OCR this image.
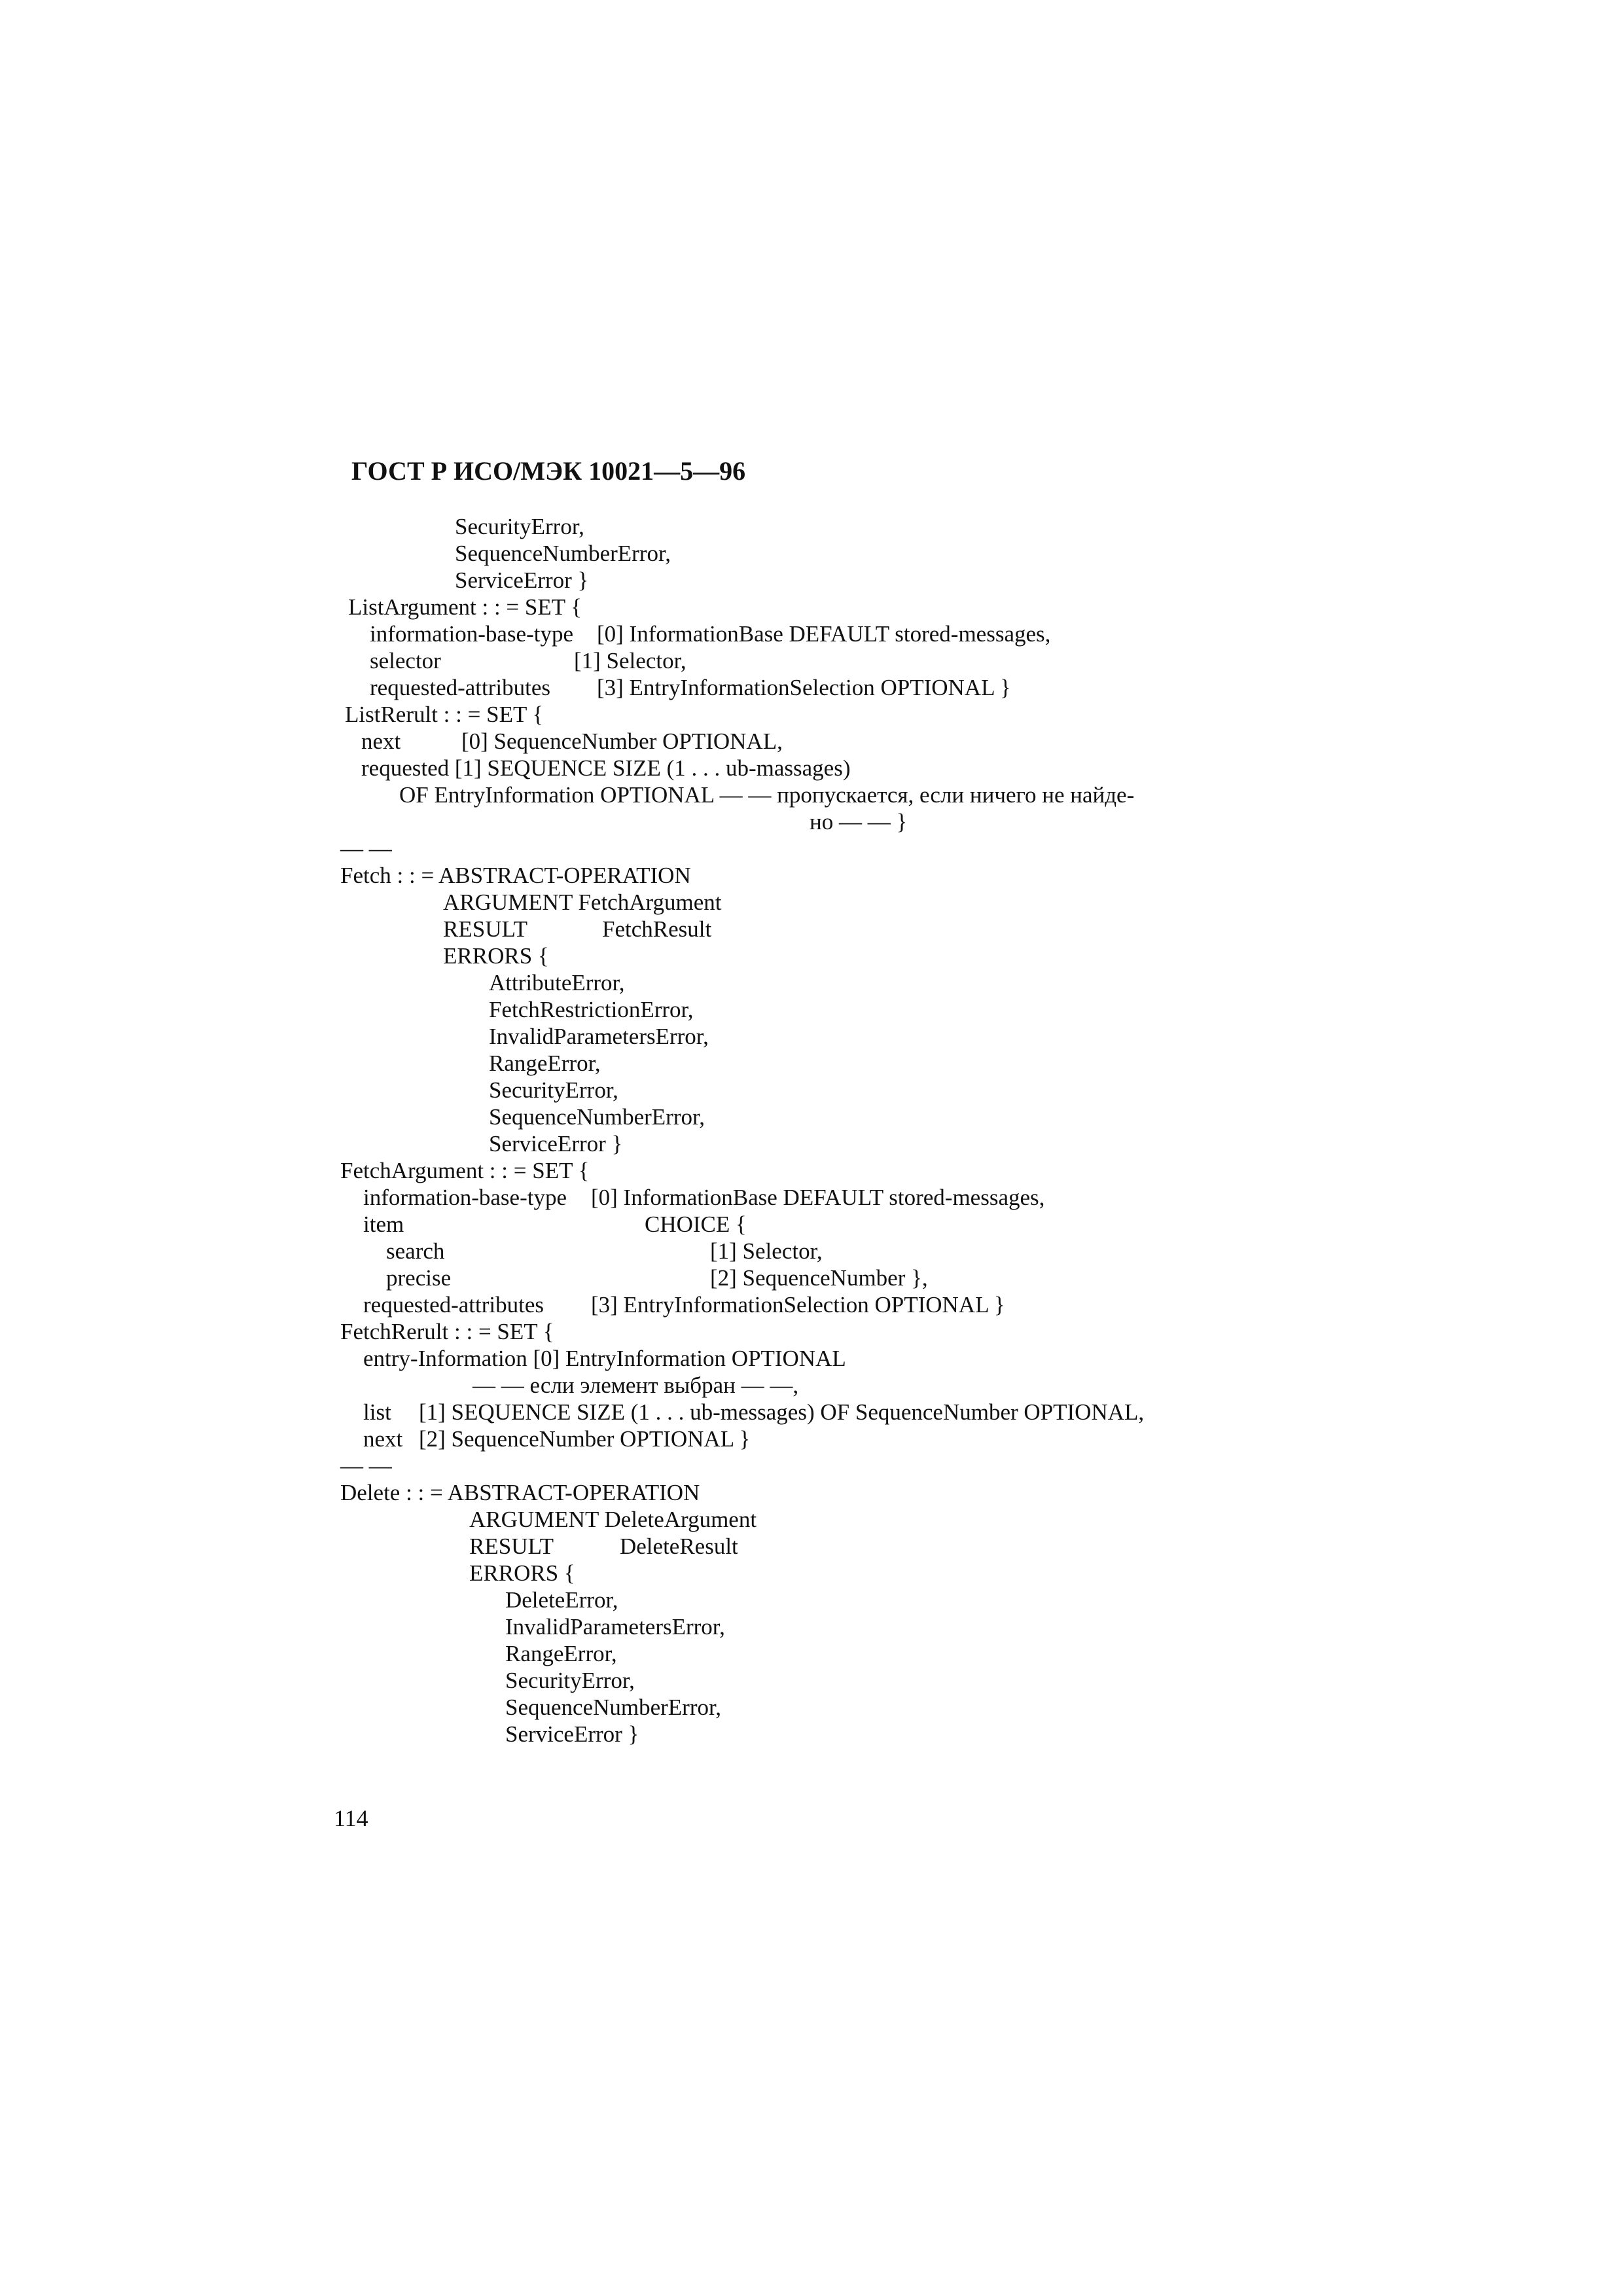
ГОСТ Р ИСО/МЭК 10021—5—96
SecurityError,
SequenceNumberError,
ServiceError }
ListArgument : : = SET {
information-base-type [0] InformationBase DEFAULT stored-messages,
selector	[1] Selector,
requested-attributes [3] EntryInformationSelection OPTIONAL }
ListRerult : : = SET {
next	[0] SequenceNumber OPTIONAL,
requested [1] SEQUENCE SIZE (1 . . . ub-massages)
OF EntryInformation OPTIONAL — — пропускается, если ничего не найде-
но — — }
— —
Fetch : : = ABSTRACT-OPERATION
ARGUMENT FetchArgument
RESULT	FetchResult
ERRORS {
AttributeError,
FetchRestrictionError,
InvalidParametersError,
RangeError,
SecurityError,
SequenceNumberError,
ServiceError }
FetchArgument : : = SET {
information-base-type [0] InformationBase DEFAULT stored-messages,
item	CHOICE {
search	[1] Selector,
precise	[2] SequenceNumber },
requested-attributes [3] EntryInformationSelection OPTIONAL }
FetchRerult : : = SET {
entry-Information [0] EntryInformation OPTIONAL
— — если элемент выбран — —,
list [1] SEQUENCE SIZE (1 . . . ub-messages) OF SequenceNumber OPTIONAL,
next [2] SequenceNumber OPTIONAL }
— —
Delete : : = ABSTRACT-OPERATION
ARGUMENT DeleteArgument
RESULT	DeleteResult
ERRORS {
DeleteError,
InvalidParametersError,
RangeError,
SecurityError,
SequenceNumberError,
ServiceError }
114
